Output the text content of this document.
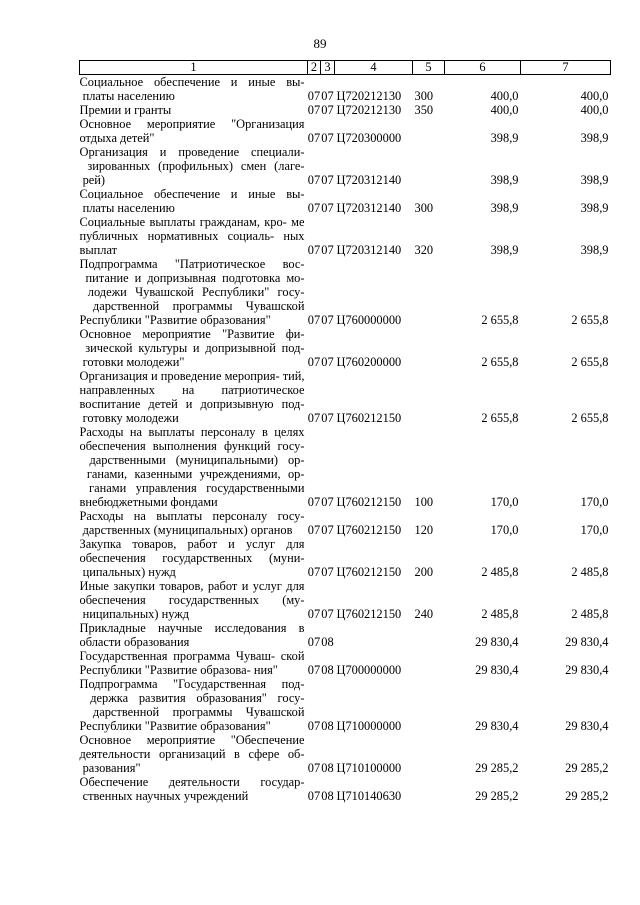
89
1	2	3	4	5	6	7
Социальное обеспечение и иные вы- платы населению	07	07	Ц720212130	300	400,0	400,0
Премии и гранты	07	07	Ц720212130	350	400,0	400,0
Основное мероприятие "Организация отдыха детей"	07	07	Ц720300000		398,9	398,9
Организация и проведение специали- зированных (профильных) смен (лаге- рей)	07	07	Ц720312140		398,9	398,9
Социальное обеспечение и иные вы- платы населению	07	07	Ц720312140	300	398,9	398,9
Социальные выплаты гражданам, кро- ме публичных нормативных социаль- ных выплат	07	07	Ц720312140	320	398,9	398,9
Подпрограмма "Патриотическое вос- питание и допризывная подготовка мо- лодежи Чувашской Республики" госу- дарственной программы Чувашской Республики "Развитие образования"	07	07	Ц760000000		2 655,8	2 655,8
Основное мероприятие "Развитие фи- зической культуры и допризывной под- готовки молодежи"	07	07	Ц760200000		2 655,8	2 655,8
Организация и проведение мероприя- тий, направленных на патриотическое воспитание детей и допризывную под- готовку молодежи	07	07	Ц760212150		2 655,8	2 655,8
Расходы на выплаты персоналу в целях обеспечения выполнения функций госу- дарственными (муниципальными) ор- ганами, казенными учреждениями, ор- ганами управления государственными внебюджетными фондами	07	07	Ц760212150	100	170,0	170,0
Расходы на выплаты персоналу госу- дарственных (муниципальных) органов	07	07	Ц760212150	120	170,0	170,0
Закупка товаров, работ и услуг для обеспечения государственных (муни- ципальных) нужд	07	07	Ц760212150	200	2 485,8	2 485,8
Иные закупки товаров, работ и услуг для обеспечения государственных (му- ниципальных) нужд	07	07	Ц760212150	240	2 485,8	2 485,8
Прикладные научные исследования в области образования	07	08			29 830,4	29 830,4
Государственная программа Чуваш- ской Республики "Развитие образова- ния"	07	08	Ц700000000		29 830,4	29 830,4
Подпрограмма "Государственная под- держка развития образования" госу- дарственной программы Чувашской Республики "Развитие образования"	07	08	Ц710000000		29 830,4	29 830,4
Основное мероприятие "Обеспечение деятельности организаций в сфере об- разования"	07	08	Ц710100000		29 285,2	29 285,2
Обеспечение деятельности государ- ственных научных учреждений	07	08	Ц710140630		29 285,2	29 285,2
